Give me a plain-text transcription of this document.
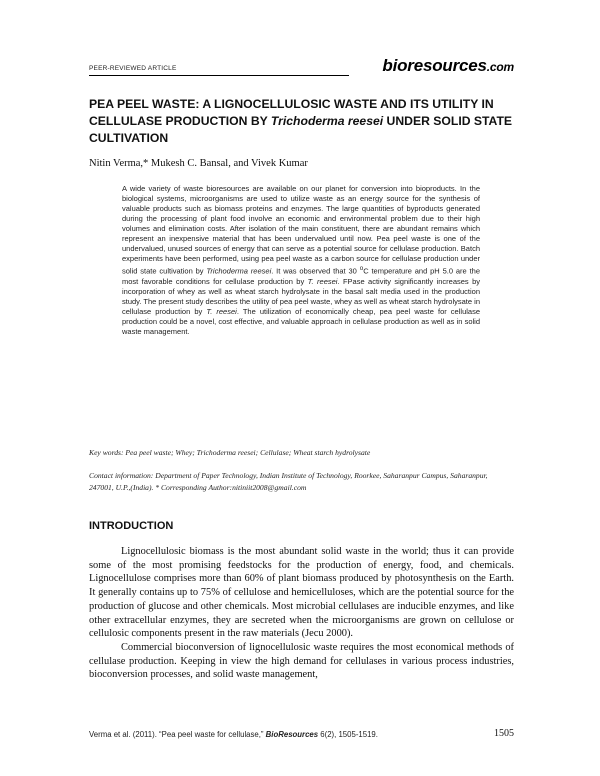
PEER-REVIEWED ARTICLE	bioresources.com
PEA PEEL WASTE: A LIGNOCELLULOSIC WASTE AND ITS UTILITY IN CELLULASE PRODUCTION BY Trichoderma reesei UNDER SOLID STATE CULTIVATION
Nitin Verma,* Mukesh C. Bansal, and Vivek Kumar

A wide variety of waste bioresources are available on our planet for conversion into bioproducts. In the biological systems, microorganisms are used to utilize waste as an energy source for the synthesis of valuable products such as biomass proteins and enzymes. The large quantities of byproducts generated during the processing of plant food involve an economic and environmental problem due to their high volumes and elimination costs. After isolation of the main constituent, there are abundant remains which represent an inexpensive material that has been undervalued until now. Pea peel waste is one of the undervalued, unused sources of energy that can serve as a potential source for cellulase production. Batch experiments have been performed, using pea peel waste as a carbon source for cellulase production under solid state cultivation by Trichoderma reesei. It was observed that 30 $^o$C temperature and pH 5.0 are the most favorable conditions for cellulase production by T. reesei. FPase activity significantly increases by incorporation of whey as well as wheat starch hydrolysate in the basal salt media used in the production study. The present study describes the utility of pea peel waste, whey as well as wheat starch hydrolysate in cellulase production by T. reesei. The utilization of economically cheap, pea peel waste for cellulase production could be a novel, cost effective, and valuable approach in cellulase production as well as in solid waste management.

Key words: Pea peel waste; Whey; Trichoderma reesei; Cellulase; Wheat starch hydrolysate
Contact information: Department of Paper Technology, Indian Institute of Technology, Roorkee, Saharanpur Campus, Saharanpur, 247001, U.P.,(India). * Corresponding Author:nitiniit2008@gmail.com
INTRODUCTION

Lignocellulosic biomass is the most abundant solid waste in the world; thus it can provide some of the most promising feedstocks for the production of energy, food, and chemicals. Lignocellulose comprises more than 60% of plant biomass produced by photosynthesis on the Earth. It generally contains up to 75% of cellulose and hemicelluloses, which are the potential source for the production of glucose and other chemicals. Most microbial cellulases are inducible enzymes, and like other extracellular enzymes, they are secreted when the microorganisms are grown on cellulose or cellulosic components present in the raw materials (Jecu 2000).

Commercial bioconversion of lignocellulosic waste requires the most economical methods of cellulase production. Keeping in view the high demand for cellulases in various process industries, bioconversion processes, and solid waste management,

Verma et al. (2011). “Pea peel waste for cellulase,” BioResources 6(2), 1505-1519.	1505
